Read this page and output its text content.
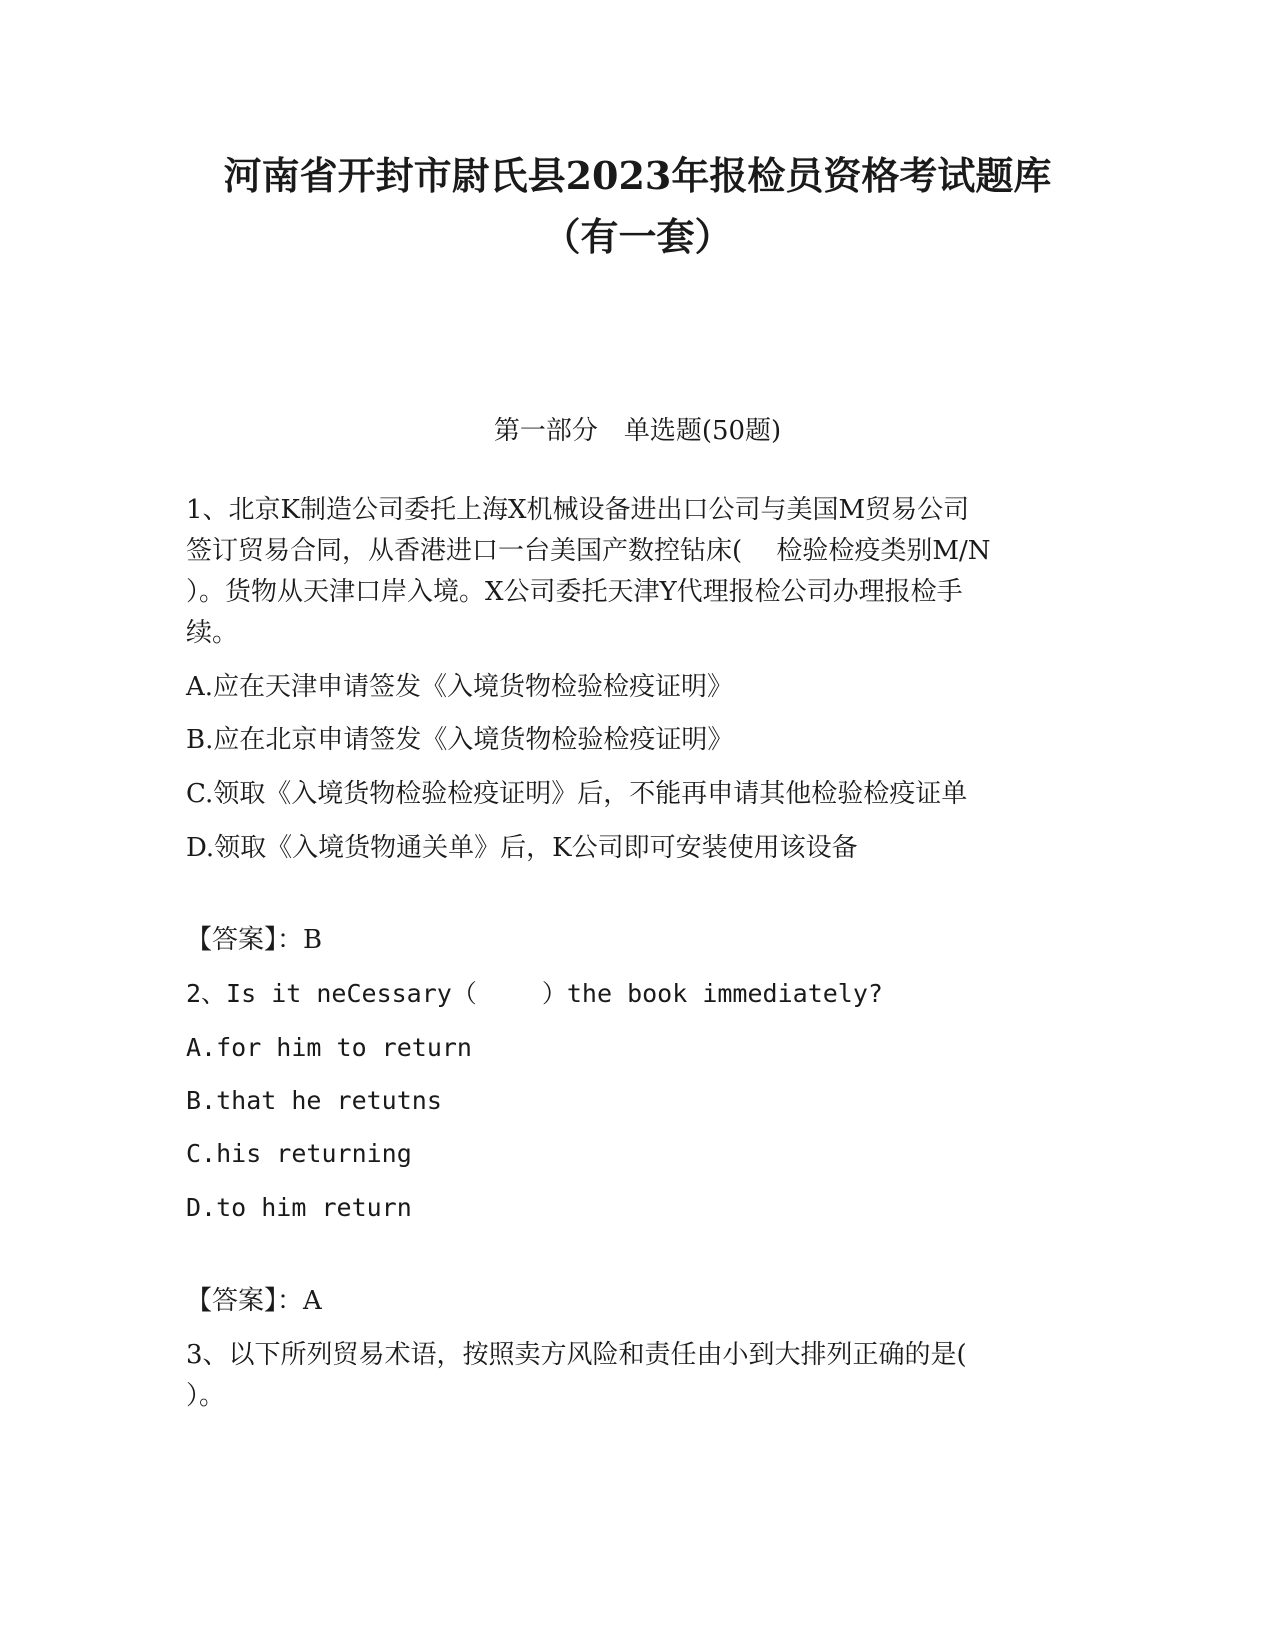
河南省开封市尉氏县2023年报检员资格考试题库
（有一套）
第一部分　单选题(50题)
1、北京K制造公司委托上海X机械设备进出口公司与美国M贸易公司
签订贸易合同，从香港进口一台美国产数控钻床(　 检验检疫类别M/N
）。货物从天津口岸入境。X公司委托天津Y代理报检公司办理报检手
续。
A.应在天津申请签发《入境货物检验检疫证明》
B.应在北京申请签发《入境货物检验检疫证明》
C.领取《入境货物检验检疫证明》后，不能再申请其他检验检疫证单
D.领取《入境货物通关单》后，K公司即可安装使用该设备
【答案】：B
2、Is it neCessary（　　 ）the book immediately?
A.for him to return
B.that he retutns
C.his returning
D.to him return
【答案】：A
3、以下所列贸易术语，按照卖方风险和责任由小到大排列正确的是(
）。
